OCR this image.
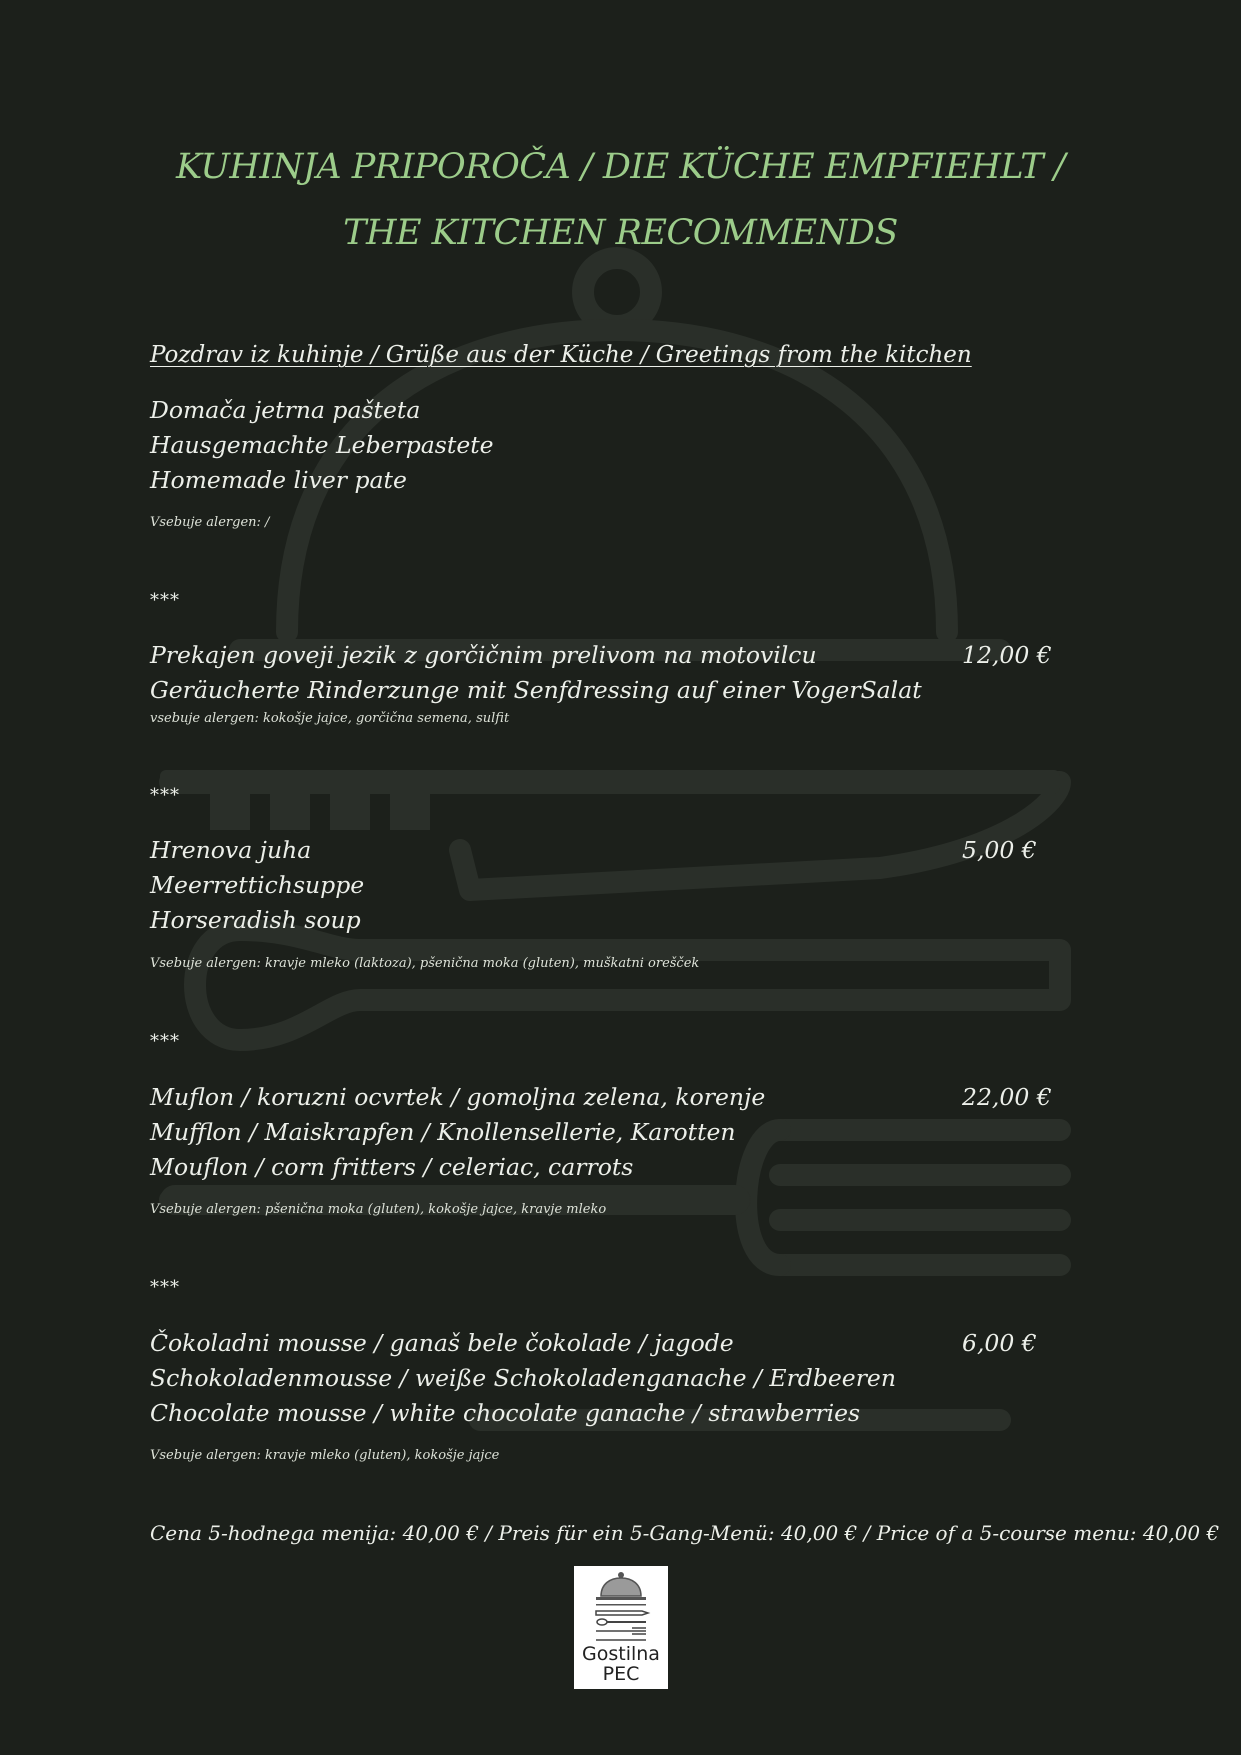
KUHINJA PRIPOROČA / DIE KÜCHE EMPFIEHLT /
THE KITCHEN RECOMMENDS
Pozdrav iz kuhinje / Grüße aus der Küche / Greetings from the kitchen
Domača jetrna pašteta
Hausgemachte Leberpastete
Homemade liver pate
Vsebuje alergen: /
***
Prekajen goveji jezik z gorčičnim prelivom na motovilcu
Geräucherte Rinderzunge mit Senfdressing auf einer VogerSalat
12,00 €
vsebuje alergen: kokošje jajce, gorčična semena, sulfit
***
Hrenova juha
Meerrettichsuppe
Horseradish soup
5,00 €
Vsebuje alergen: kravje mleko (laktoza), pšenična moka (gluten), muškatni orešček
***
Muflon / koruzni ocvrtek / gomoljna zelena, korenje
Mufflon / Maiskrapfen / Knollensellerie, Karotten
Mouflon / corn fritters / celeriac, carrots
22,00 €
Vsebuje alergen: pšenična moka (gluten), kokošje jajce, kravje mleko
***
Čokoladni mousse / ganaš bele čokolade / jagode
Schokoladenmousse / weiße Schokoladenganache / Erdbeeren
Chocolate mousse / white chocolate ganache / strawberries
6,00 €
Vsebuje alergen: kravje mleko (gluten), kokošje jajce
Cena 5-hodnega menija: 40,00 € / Preis für ein 5-Gang-Menü: 40,00 € / Price of a 5-course menu: 40,00 €
Gostilna
PEC
